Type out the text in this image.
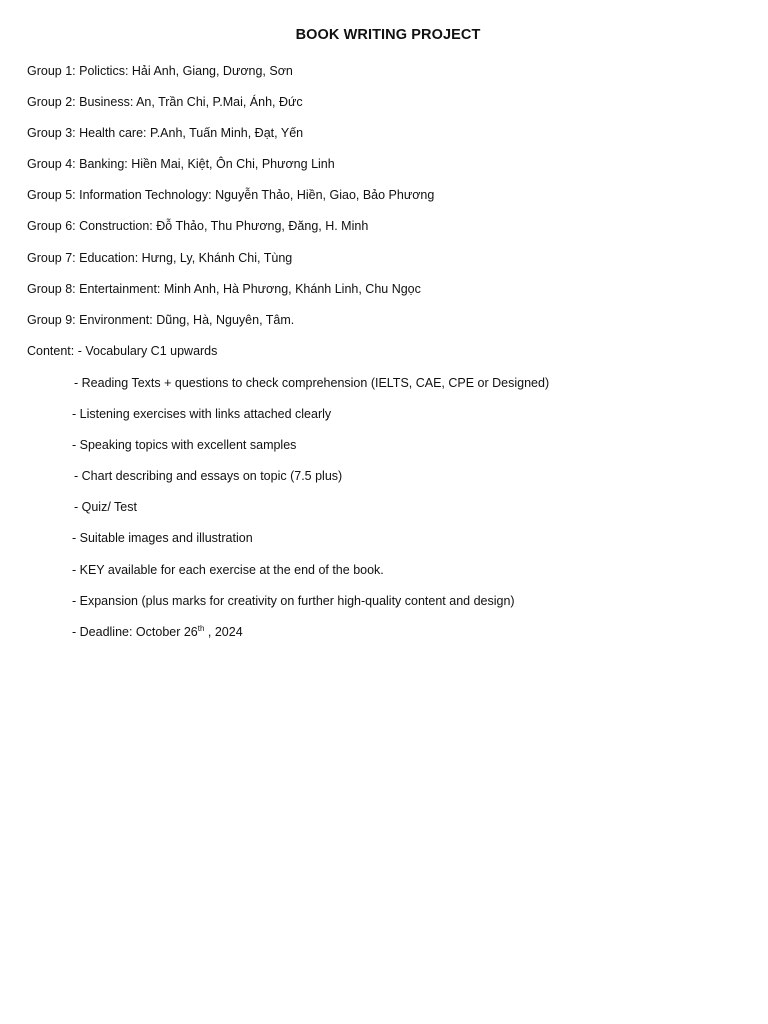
BOOK WRITING PROJECT
Group 1: Polictics: Hải Anh, Giang, Dương, Sơn
Group 2: Business: An, Trần Chi, P.Mai, Ánh, Đức
Group 3: Health care: P.Anh, Tuấn Minh, Đạt, Yến
Group 4: Banking: Hiền Mai, Kiệt, Ôn Chi, Phương Linh
Group 5: Information Technology: Nguyễn Thảo, Hiền, Giao, Bảo Phương
Group 6: Construction: Đỗ Thảo, Thu Phương, Đăng, H. Minh
Group 7: Education: Hưng, Ly, Khánh Chi, Tùng
Group 8: Entertainment: Minh Anh, Hà Phương, Khánh Linh, Chu Ngọc
Group 9: Environment: Dũng, Hà, Nguyên, Tâm.
Content: - Vocabulary C1 upwards
- Reading Texts + questions to check comprehension (IELTS, CAE, CPE or Designed)
- Listening exercises with links attached clearly
- Speaking topics with excellent samples
- Chart describing and essays on topic (7.5 plus)
- Quiz/ Test
- Suitable images and illustration
- KEY available for each exercise at the end of the book.
- Expansion (plus marks for creativity on further high-quality content and design)
- Deadline: October 26th , 2024
